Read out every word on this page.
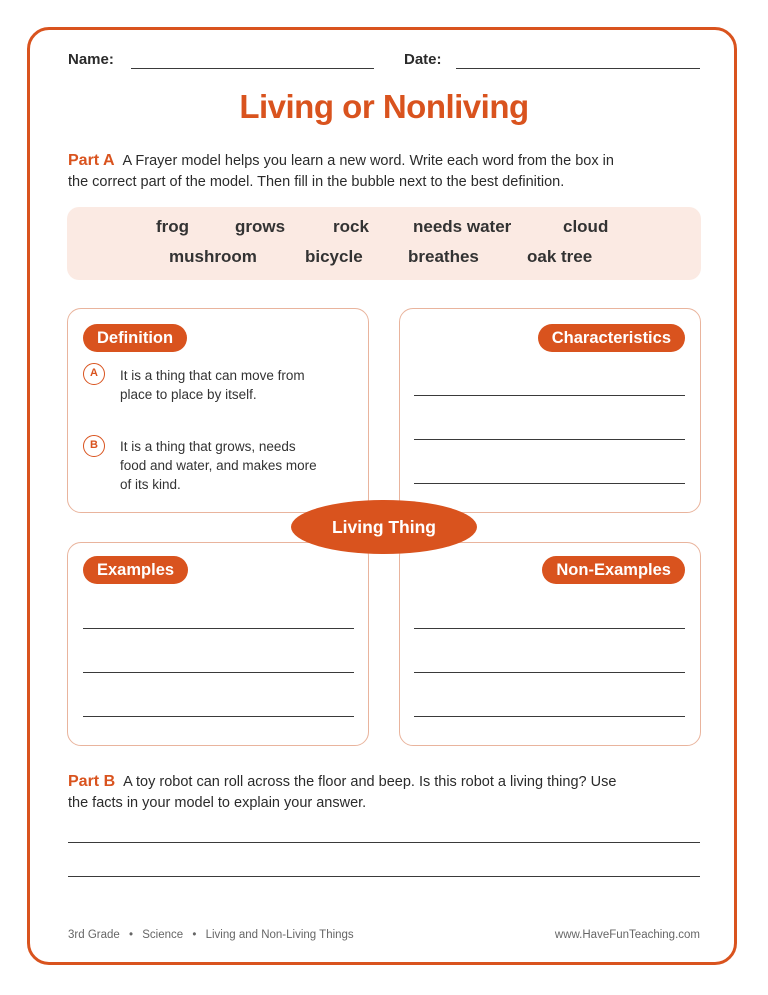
Name:	Date:
Living or Nonliving
Part A A Frayer model helps you learn a new word. Write each word from the box in
the correct part of the model. Then fill in the bubble next to the best definition.
frog	grows	rock	needs water	cloud
mushroom	bicycle	breathes	oak tree
Definition
A	It is a thing that can move from
place to place by itself.
B	It is a thing that grows, needs
food and water, and makes more
of its kind.
Characteristics
Examples	Non-Examples
Living Thing
Part B A toy robot can roll across the floor and beep. Is this robot a living thing? Use
the facts in your model to explain your answer.
3rd Grade • Science • Living and Non-Living Things	www.HaveFunTeaching.com
